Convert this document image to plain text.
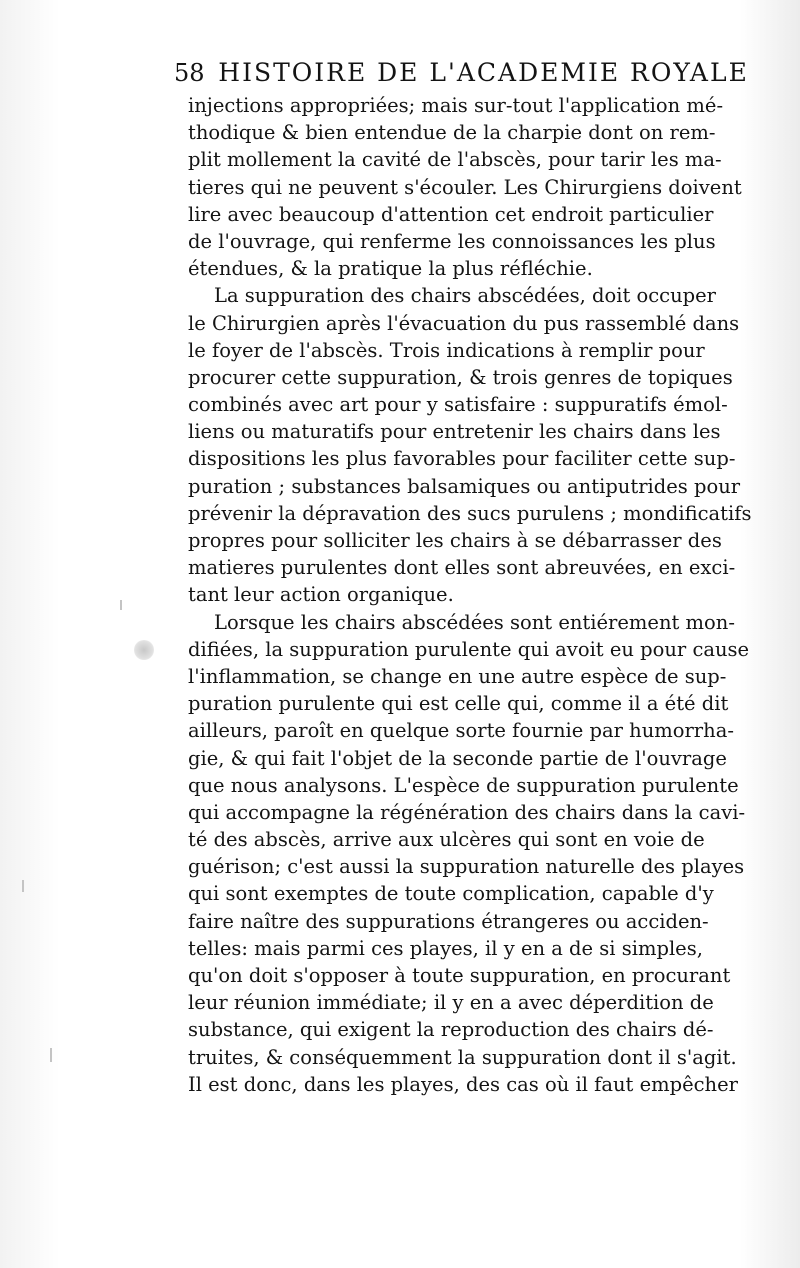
58 HISTOIRE DE L'ACADEMIE ROYALE
injections appropriées; mais sur-tout l'application mé-
thodique & bien entendue de la charpie dont on rem-
plit mollement la cavité de l'abscès, pour tarir les ma-
tieres qui ne peuvent s'écouler. Les Chirurgiens doivent
lire avec beaucoup d'attention cet endroit particulier
de l'ouvrage, qui renferme les connoissances les plus
étendues, & la pratique la plus réfléchie.
La suppuration des chairs abscédées, doit occuper
le Chirurgien après l'évacuation du pus rassemblé dans
le foyer de l'abscès. Trois indications à remplir pour
procurer cette suppuration, & trois genres de topiques
combinés avec art pour y satisfaire : suppuratifs émol-
liens ou maturatifs pour entretenir les chairs dans les
dispositions les plus favorables pour faciliter cette sup-
puration ; substances balsamiques ou antiputrides pour
prévenir la dépravation des sucs purulens ; mondificatifs
propres pour solliciter les chairs à se débarrasser des
matieres purulentes dont elles sont abreuvées, en exci-
tant leur action organique.
Lorsque les chairs abscédées sont entiérement mon-
difiées, la suppuration purulente qui avoit eu pour cause
l'inflammation, se change en une autre espèce de sup-
puration purulente qui est celle qui, comme il a été dit
ailleurs, paroît en quelque sorte fournie par humorrha-
gie, & qui fait l'objet de la seconde partie de l'ouvrage
que nous analysons. L'espèce de suppuration purulente
qui accompagne la régénération des chairs dans la cavi-
té des abscès, arrive aux ulcères qui sont en voie de
guérison; c'est aussi la suppuration naturelle des playes
qui sont exemptes de toute complication, capable d'y
faire naître des suppurations étrangeres ou acciden-
telles: mais parmi ces playes, il y en a de si simples,
qu'on doit s'opposer à toute suppuration, en procurant
leur réunion immédiate; il y en a avec déperdition de
substance, qui exigent la reproduction des chairs dé-
truites, & conséquemment la suppuration dont il s'agit.
Il est donc, dans les playes, des cas où il faut empêcher
